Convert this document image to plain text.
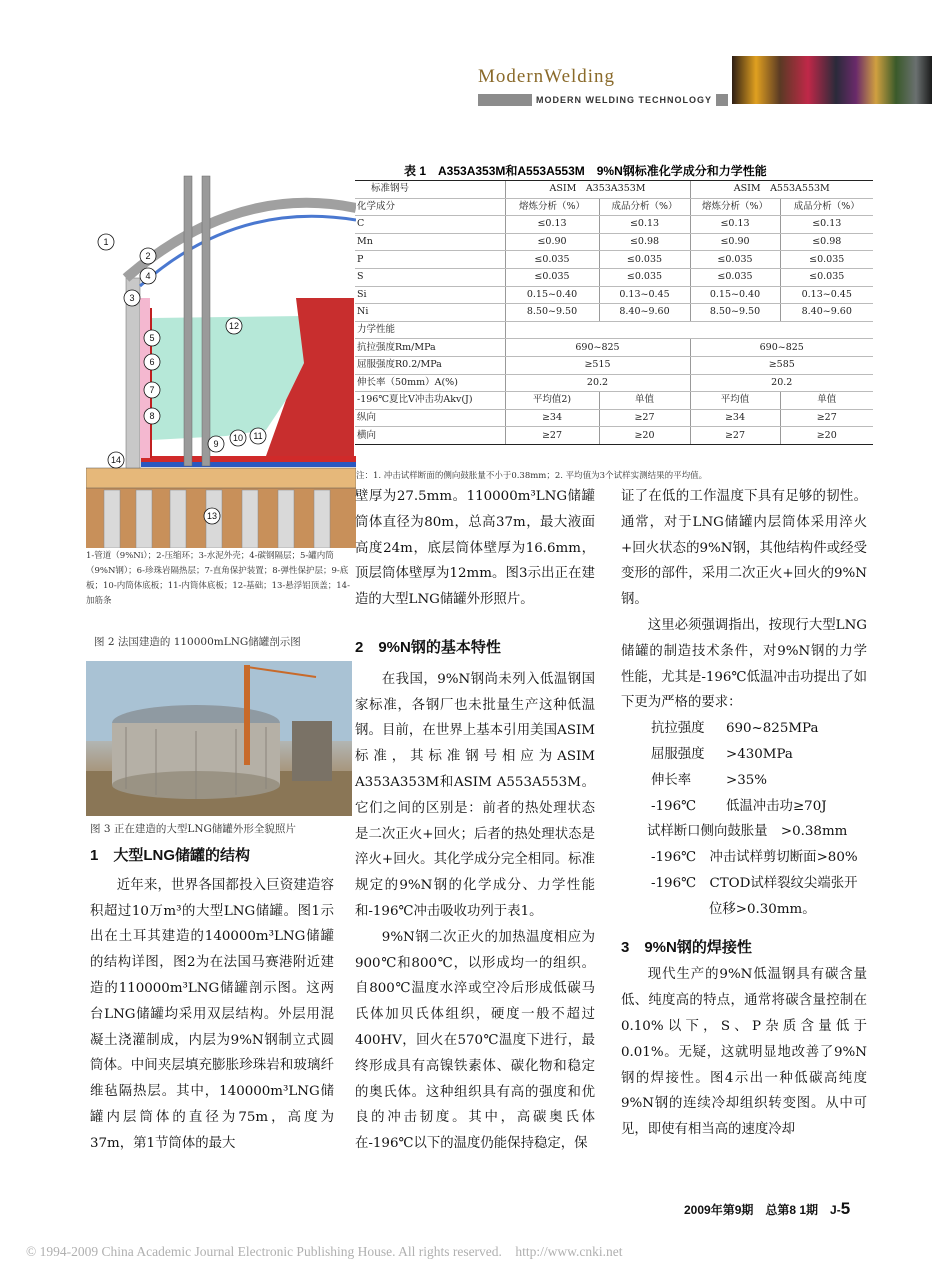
ModernWelding
MODERN WELDING TECHNOLOGY
1
2
3
4
5
6
7
8
9
10 11
12
13
14
1-管道（9%Ni）；2-压缩环；3-水泥外壳；4-碳钢隔层；5-罐内筒（9%N钢）；6-珍珠岩隔热层；7-直角保护装置；8-弹性保护层；9-底板；10-内筒体底板；11-内筒体底板；12-基础；13-悬浮铝顶盖；14-加筋条
图 2 法国建造的 110000mLNG储罐剖示图
图 3 正在建造的大型LNG储罐外形全貌照片
表 1　A353A353M和A553A553M　9%N钢标准化学成分和力学性能
标准钢号	ASIM　A353A353M		ASIM　A553A553M	
化学成分	熔炼分析（%）	成品分析（%）	熔炼分析（%）	成品分析（%）
C	≤0.13	≤0.13	≤0.13	≤0.13
Mn	≤0.90	≤0.98	≤0.90	≤0.98
P	≤0.035	≤0.035	≤0.035	≤0.035
S	≤0.035	≤0.035	≤0.035	≤0.035
Si	0.15~0.40	0.13~0.45	0.15~0.40	0.13~0.45
Ni	8.50~9.50	8.40~9.60	8.50~9.50	8.40~9.60
力学性能				
抗拉强度Rm/MPa	690~825		690~825	
屈服强度R0.2/MPa	≥515		≥585	
伸长率（50mm）A(%)	20.2		20.2	
-196℃夏比V冲击功Akv(J)	平均值2)	单值	平均值	单值
纵向	≥34	≥27	≥34	≥27
横向	≥27	≥20	≥27	≥20
注：1. 冲击试样断面的侧向鼓胀量不小于0.38mm；2. 平均值为3个试样实测结果的平均值。
1　大型LNG储罐的结构

近年来，世界各国都投入巨资建造容积超过10万m³的大型LNG储罐。图1示出在土耳其建造的140000m³LNG储罐的结构详图，图2为在法国马赛港附近建造的110000m³LNG储罐剖示图。这两台LNG储罐均采用双层结构。外层用混凝土浇灌制成，内层为9%N钢制立式圆筒体。中间夹层填充膨胀珍珠岩和玻璃纤维毡隔热层。其中，140000m³LNG储罐内层筒体的直径为75m，高度为37m，第1节筒体的最大

壁厚为27.5mm。110000m³LNG储罐筒体直径为80m，总高37m，最大液面高度24m，底层筒体壁厚为16.6mm，顶层筒体壁厚为12mm。图3示出正在建造的大型LNG储罐外形照片。

2　9%N钢的基本特性

在我国，9%N钢尚未列入低温钢国家标准，各钢厂也未批量生产这种低温钢。目前，在世界上基本引用美国ASIM标准，其标准钢号相应为ASIM A353A353M和ASIM A553A553M。它们之间的区别是：前者的热处理状态是二次正火+回火；后者的热处理状态是淬火+回火。其化学成分完全相同。标准规定的9%N钢的化学成分、力学性能和-196℃冲击吸收功列于表1。

9%N钢二次正火的加热温度相应为900℃和800℃，以形成均一的组织。自800℃温度水淬或空冷后形成低碳马氏体加贝氏体组织，硬度一般不超过400HV，回火在570℃温度下进行，最终形成具有高镍铁素体、碳化物和稳定的奥氏体。这种组织具有高的强度和优良的冲击韧度。其中，高碳奥氏体在-196℃以下的温度仍能保持稳定，保

证了在低的工作温度下具有足够的韧性。通常，对于LNG储罐内层筒体采用淬火+回火状态的9%N钢，其他结构件或经受变形的部件，采用二次正火+回火的9%N钢。

这里必须强调指出，按现行大型LNG储罐的制造技术条件，对9%N钢的力学性能，尤其是-196℃低温冲击功提出了如下更为严格的要求：

抗拉强度	690~825MPa
屈服强度	>430MPa
伸长率	>35%
-196℃	低温冲击功≥70J

试样断口侧向鼓胀量　>0.38mm

-196℃　冲击试样剪切断面>80%

-196℃　CTOD试样裂纹尖端张开

位移>0.30mm。

3　9%N钢的焊接性

现代生产的9%N低温钢具有碳含量低、纯度高的特点，通常将碳含量控制在0.10%以下，S、P杂质含量低于0.01%。无疑，这就明显地改善了9%N钢的焊接性。图4示出一种低碳高纯度9%N钢的连续冷却组织转变图。从中可见，即使有相当高的速度冷却

2009年第9期　总第8 1期　J-5
© 1994-2009 China Academic Journal Electronic Publishing House. All rights reserved.　http://www.cnki.net
